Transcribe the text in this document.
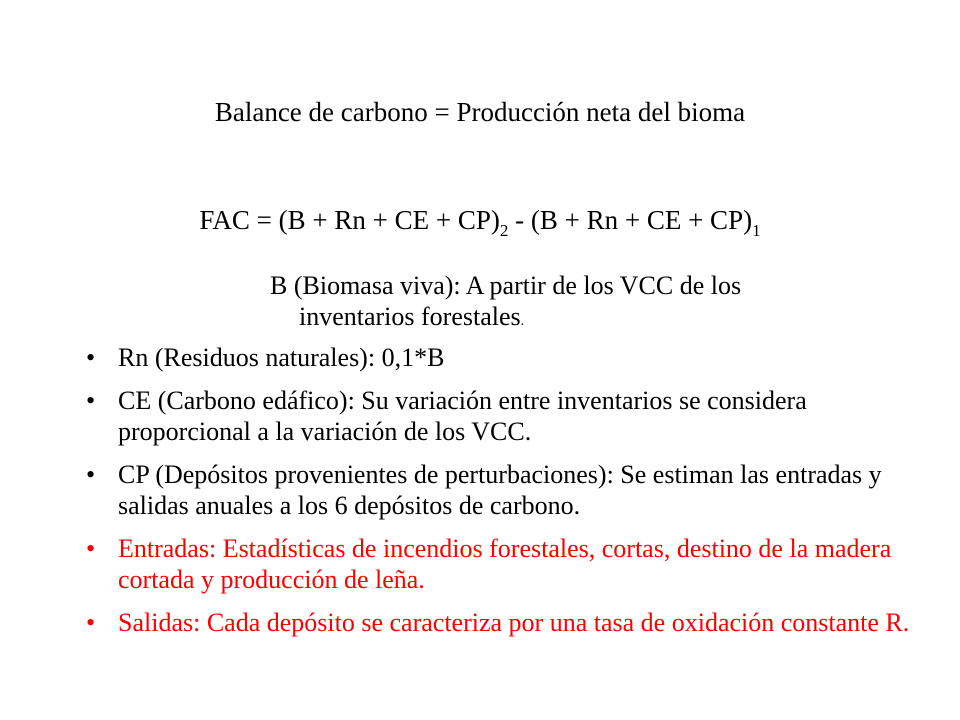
Balance de carbono = Producción neta del bioma
FAC = (B + Rn + CE + $CP)_2 - (B + Rn$ + CE + $CP)_1$
B (Biomasa viva): A partir de los VCC de los
inventarios forestales.
• Rn (Residuos naturales): 0,1*B
• CE (Carbono edáfico): Su variación entre inventarios se considera proporcional a la variación de los VCC.
• CP (Depósitos provenientes de perturbaciones): Se estiman las entradas y salidas anuales a los 6 depósitos de carbono.
• Entradas: Estadísticas de incendios forestales, cortas, destino de la madera cortada y producción de leña.
• Salidas: Cada depósito se caracteriza por una tasa de oxidación constante R.
